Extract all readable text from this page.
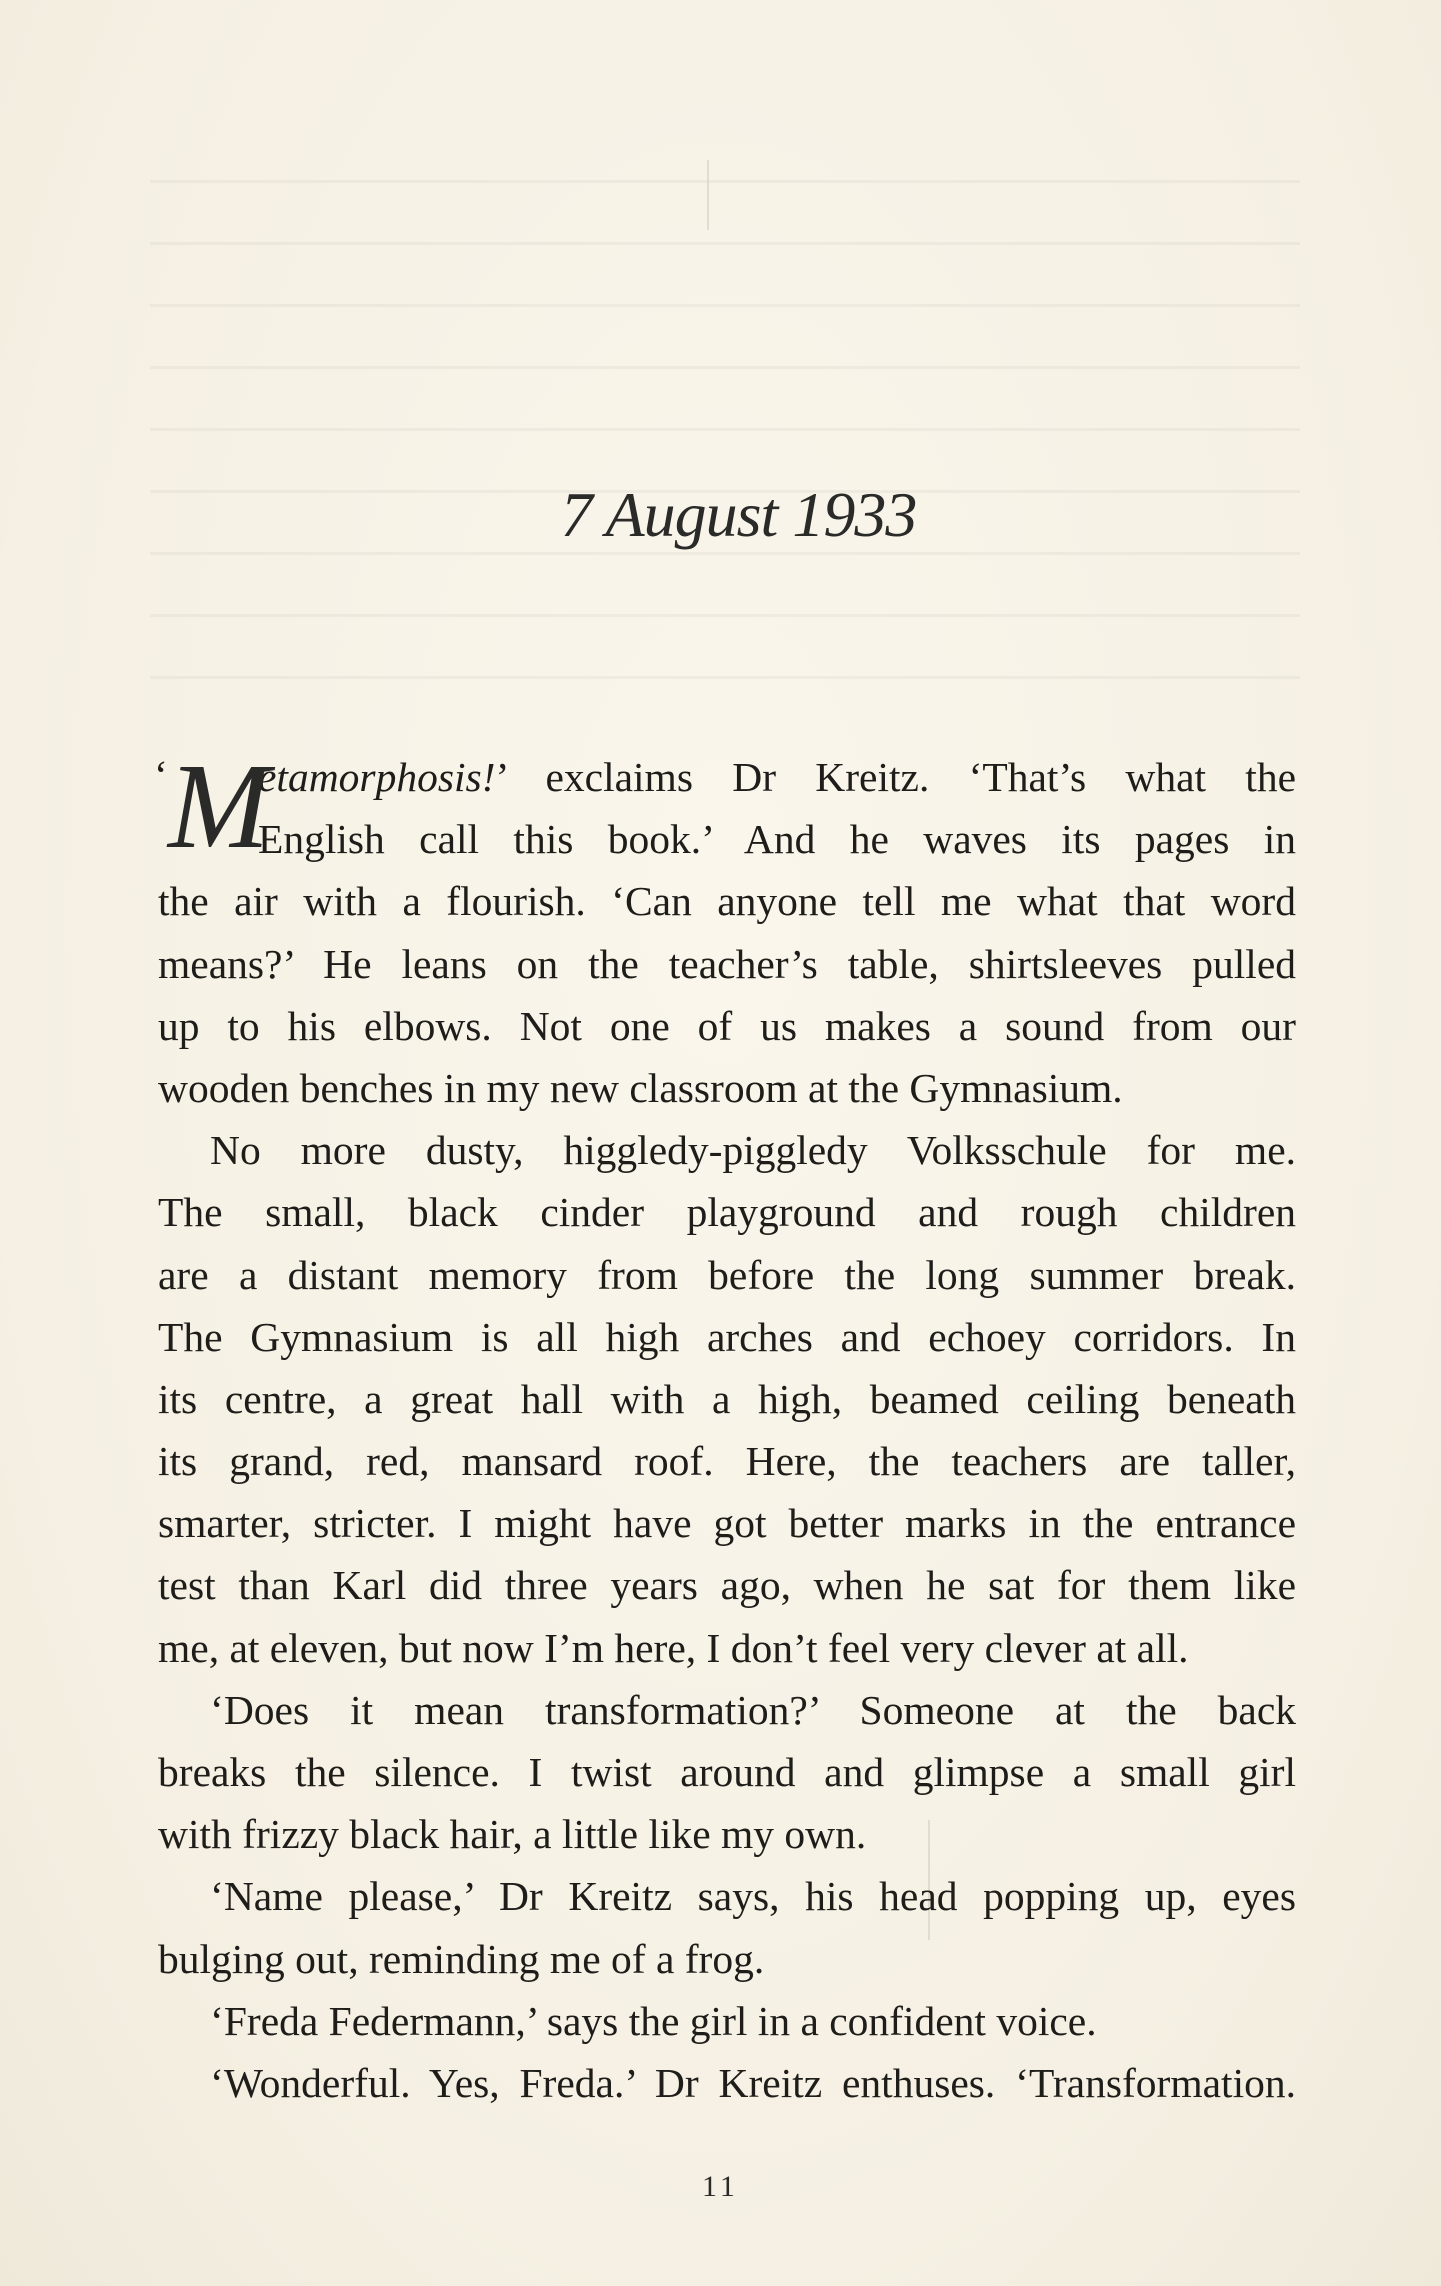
7 August 1933
‘ M
etamorphosis!’ exclaims Dr Kreitz. ‘That’s what the
English call this book.’ And he waves its pages in
the air with a flourish. ‘Can anyone tell me what that word
means?’ He leans on the teacher’s table, shirtsleeves pulled
up to his elbows. Not one of us makes a sound from our
wooden benches in my new classroom at the Gymnasium.
No more dusty, higgledy-piggledy Volksschule for me.
The small, black cinder playground and rough children
are a distant memory from before the long summer break.
The Gymnasium is all high arches and echoey corridors. In
its centre, a great hall with a high, beamed ceiling beneath
its grand, red, mansard roof. Here, the teachers are taller,
smarter, stricter. I might have got better marks in the entrance
test than Karl did three years ago, when he sat for them like
me, at eleven, but now I’m here, I don’t feel very clever at all.
‘Does it mean transformation?’ Someone at the back
breaks the silence. I twist around and glimpse a small girl
with frizzy black hair, a little like my own.
‘Name please,’ Dr Kreitz says, his head popping up, eyes
bulging out, reminding me of a frog.
‘Freda Federmann,’ says the girl in a confident voice.
‘Wonderful. Yes, Freda.’ Dr Kreitz enthuses. ‘Transformation.
11
